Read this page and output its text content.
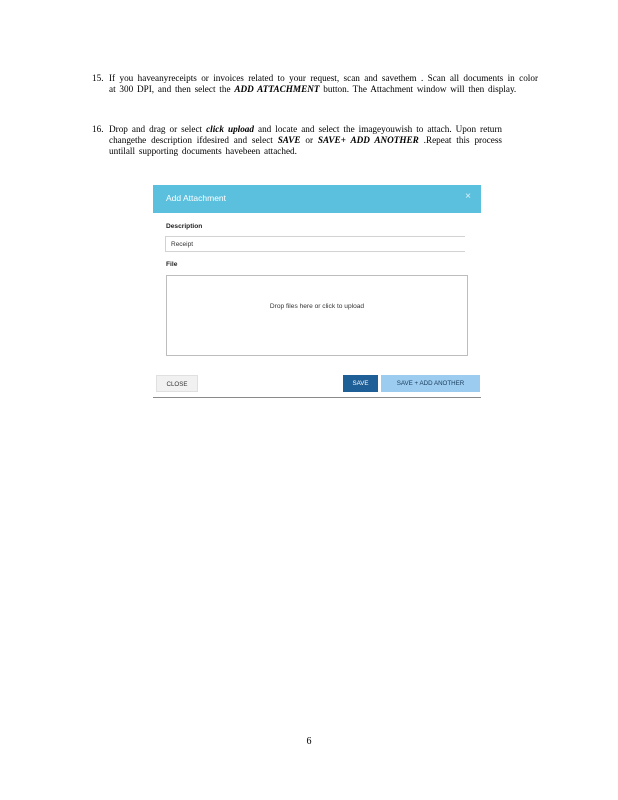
15. If you haveanyreceipts or invoices related to your request, scan and savethem . Scan all documents in color at 300 DPI, and then select the ADD ATTACHMENT button. The Attachment window will then display.
16. Drop and drag or select click upload and locate and select the imageyouwish to attach. Upon return changethe description ifdesired and select SAVE or SAVE+ ADD ANOTHER .Repeat this process untilall supporting documents havebeen attached.
Add Attachment	×
Description
Receipt
File
Drop files here or click to upload
CLOSE	SAVE	SAVE + ADD ANOTHER
6
